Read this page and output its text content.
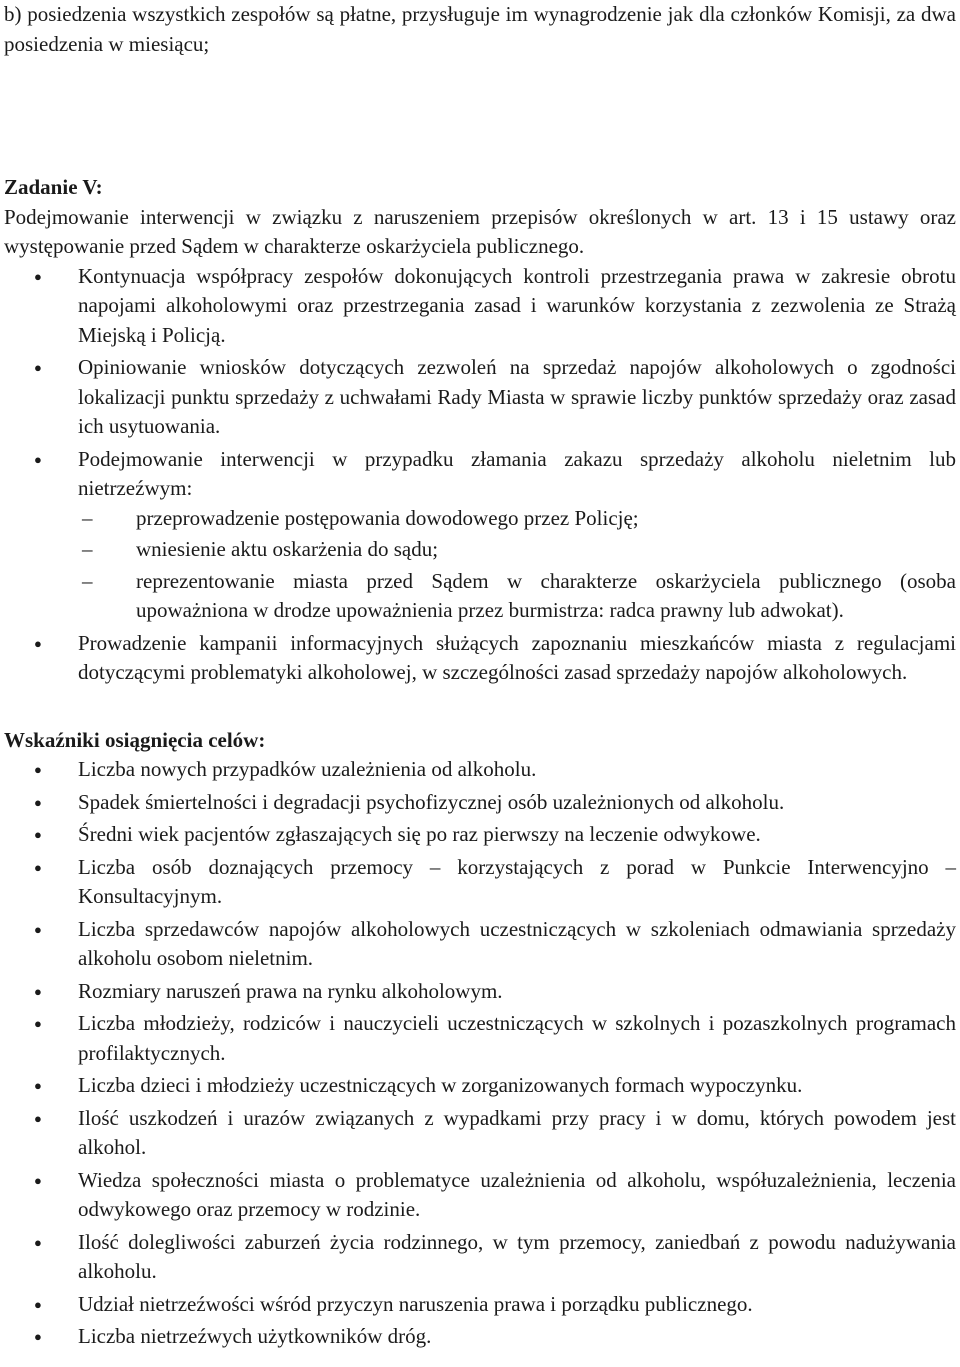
b) posiedzenia wszystkich zespołów są płatne, przysługuje im wynagrodzenie jak dla członków Komisji, za dwa posiedzenia w miesiącu;

Zadanie V:

Podejmowanie interwencji w związku z naruszeniem przepisów określonych w art. 13 i 15 ustawy oraz występowanie przed Sądem w charakterze oskarżyciela publicznego.

● Kontynuacja współpracy zespołów dokonujących kontroli przestrzegania prawa w zakresie obrotu napojami alkoholowymi oraz przestrzegania zasad i warunków korzystania z zezwolenia ze Strażą Miejską i Policją.
● Opiniowanie wniosków dotyczących zezwoleń na sprzedaż napojów alkoholowych o zgodności lokalizacji punktu sprzedaży z uchwałami Rady Miasta w sprawie liczby punktów sprzedaży oraz zasad ich usytuowania.
● Podejmowanie interwencji w przypadku złamania zakazu sprzedaży alkoholu nieletnim lub nietrzeźwym:
– przeprowadzenie postępowania dowodowego przez Policję;
– wniesienie aktu oskarżenia do sądu;
– reprezentowanie miasta przed Sądem w charakterze oskarżyciela publicznego (osoba upoważniona w drodze upoważnienia przez burmistrza: radca prawny lub adwokat).
● Prowadzenie kampanii informacyjnych służących zapoznaniu mieszkańców miasta z regulacjami dotyczącymi problematyki alkoholowej, w szczególności zasad sprzedaży napojów alkoholowych.

Wskaźniki osiągnięcia celów:

● Liczba nowych przypadków uzależnienia od alkoholu.
● Spadek śmiertelności i degradacji psychofizycznej osób uzależnionych od alkoholu.
● Średni wiek pacjentów zgłaszających się po raz pierwszy na leczenie odwykowe.
● Liczba osób doznających przemocy – korzystających z porad w Punkcie Interwencyjno – Konsultacyjnym.
● Liczba sprzedawców napojów alkoholowych uczestniczących w szkoleniach odmawiania sprzedaży alkoholu osobom nieletnim.
● Rozmiary naruszeń prawa na rynku alkoholowym.
● Liczba młodzieży, rodziców i nauczycieli uczestniczących w szkolnych i pozaszkolnych programach profilaktycznych.
● Liczba dzieci i młodzieży uczestniczących w zorganizowanych formach wypoczynku.
● Ilość uszkodzeń i urazów związanych z wypadkami przy pracy i w domu, których powodem jest alkohol.
● Wiedza społeczności miasta o problematyce uzależnienia od alkoholu, współuzależnienia, leczenia odwykowego oraz przemocy w rodzinie.
● Ilość dolegliwości zaburzeń życia rodzinnego, w tym przemocy, zaniedbań z powodu nadużywania alkoholu.
● Udział nietrzeźwości wśród przyczyn naruszenia prawa i porządku publicznego.
● Liczba nietrzeźwych użytkowników dróg.
